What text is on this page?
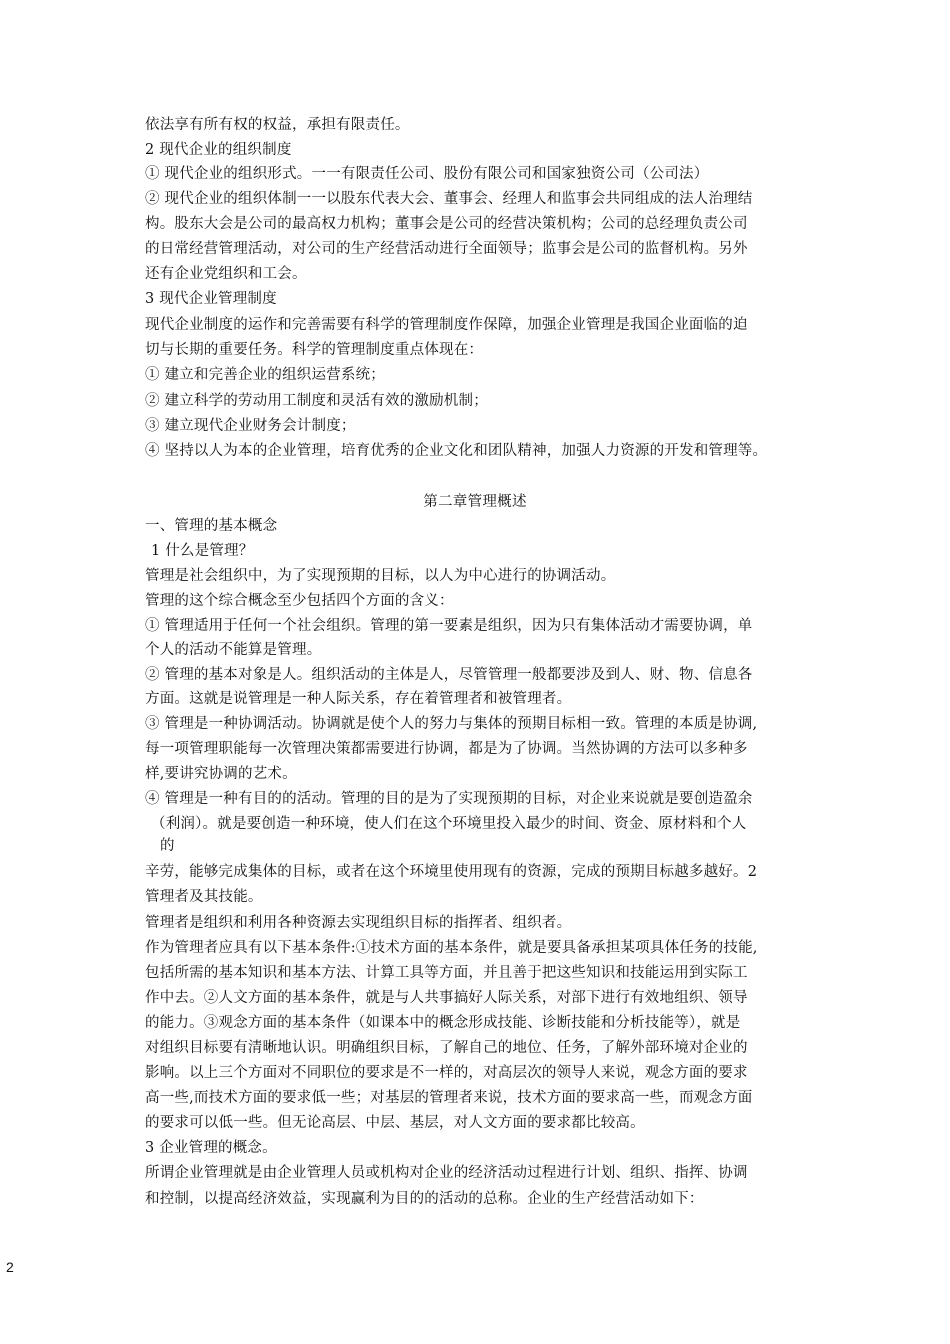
依法享有所有权的权益，承担有限责任。
2 现代企业的组织制度
① 现代企业的组织形式。一一有限责任公司、股份有限公司和国家独资公司（公司法）
② 现代企业的组织体制一一以股东代表大会、董事会、经理人和监事会共同组成的法人治理结
构。股东大会是公司的最高权力机构；董事会是公司的经营决策机构；公司的总经理负责公司
的日常经营管理活动，对公司的生产经营活动进行全面领导；监事会是公司的监督机构。另外
还有企业党组织和工会。
3 现代企业管理制度
现代企业制度的运作和完善需要有科学的管理制度作保障，加强企业管理是我国企业面临的迫
切与长期的重要任务。科学的管理制度重点体现在：
① 建立和完善企业的组织运营系统；
② 建立科学的劳动用工制度和灵活有效的激励机制；
③ 建立现代企业财务会计制度；
④ 坚持以人为本的企业管理，培育优秀的企业文化和团队精神，加强人力资源的开发和管理等。
第二章管理概述
一、管理的基本概念
1 什么是管理？
管理是社会组织中，为了实现预期的目标，以人为中心进行的协调活动。
管理的这个综合概念至少包括四个方面的含义：
① 管理适用于任何一个社会组织。管理的第一要素是组织，因为只有集体活动才需要协调，单
个人的活动不能算是管理。
② 管理的基本对象是人。组织活动的主体是人，尽管管理一般都要涉及到人、财、物、信息各
方面。这就是说管理是一种人际关系，存在着管理者和被管理者。
③ 管理是一种协调活动。协调就是使个人的努力与集体的预期目标相一致。管理的本质是协调,
每一项管理职能每一次管理决策都需要进行协调，都是为了协调。当然协调的方法可以多种多
样,要讲究协调的艺术。
④ 管理是一种有目的的活动。管理的目的是为了实现预期的目标，对企业来说就是要创造盈余
（利润）。就是要创造一种环境，使人们在这个环境里投入最少的时间、资金、原材料和个人
的
辛劳，能够完成集体的目标，或者在这个环境里使用现有的资源，完成的预期目标越多越好。2
管理者及其技能。
管理者是组织和利用各种资源去实现组织目标的指挥者、组织者。
作为管理者应具有以下基本条件:①技术方面的基本条件，就是要具备承担某项具体任务的技能,
包括所需的基本知识和基本方法、计算工具等方面，并且善于把这些知识和技能运用到实际工
作中去。②人文方面的基本条件，就是与人共事搞好人际关系，对部下进行有效地组织、领导
的能力。③观念方面的基本条件（如课本中的概念形成技能、诊断技能和分析技能等），就是
对组织目标要有清晰地认识。明确组织目标，了解自己的地位、任务，了解外部环境对企业的
影响。以上三个方面对不同职位的要求是不一样的，对高层次的领导人来说，观念方面的要求
高一些,而技术方面的要求低一些；对基层的管理者来说，技术方面的要求高一些，而观念方面
的要求可以低一些。但无论高层、中层、基层，对人文方面的要求都比较高。
3 企业管理的概念。
所谓企业管理就是由企业管理人员或机构对企业的经济活动过程进行计划、组织、指挥、协调
和控制，以提高经济效益，实现赢利为目的的活动的总称。企业的生产经营活动如下：
2
